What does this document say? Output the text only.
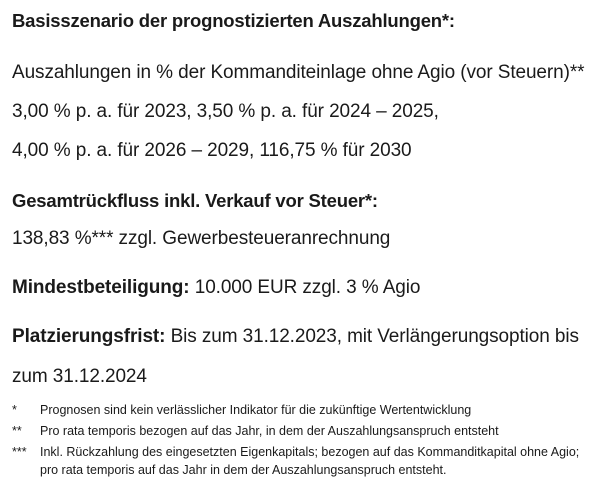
Basisszenario der prognostizierten Auszahlungen*:
Auszahlungen in % der Kommanditeinlage ohne Agio (vor Steuern)**
3,00 % p. a. für 2023, 3,50 % p. a. für 2024 – 2025,
4,00 % p. a. für 2026 – 2029, 116,75 % für 2030
Gesamtrückfluss inkl. Verkauf vor Steuer*:
138,83 %*** zzgl. Gewerbesteueranrechnung
Mindestbeteiligung: 10.000 EUR zzgl. 3 % Agio
Platzierungsfrist: Bis zum 31.12.2023, mit Verlängerungsoption bis
zum 31.12.2024
* Prognosen sind kein verlässlicher Indikator für die zukünftige Wertentwicklung
** Pro rata temporis bezogen auf das Jahr, in dem der Auszahlungsanspruch entsteht
*** Inkl. Rückzahlung des eingesetzten Eigenkapitals; bezogen auf das Kommanditkapital ohne Agio;
pro rata temporis auf das Jahr in dem der Auszahlungsanspruch entsteht.
